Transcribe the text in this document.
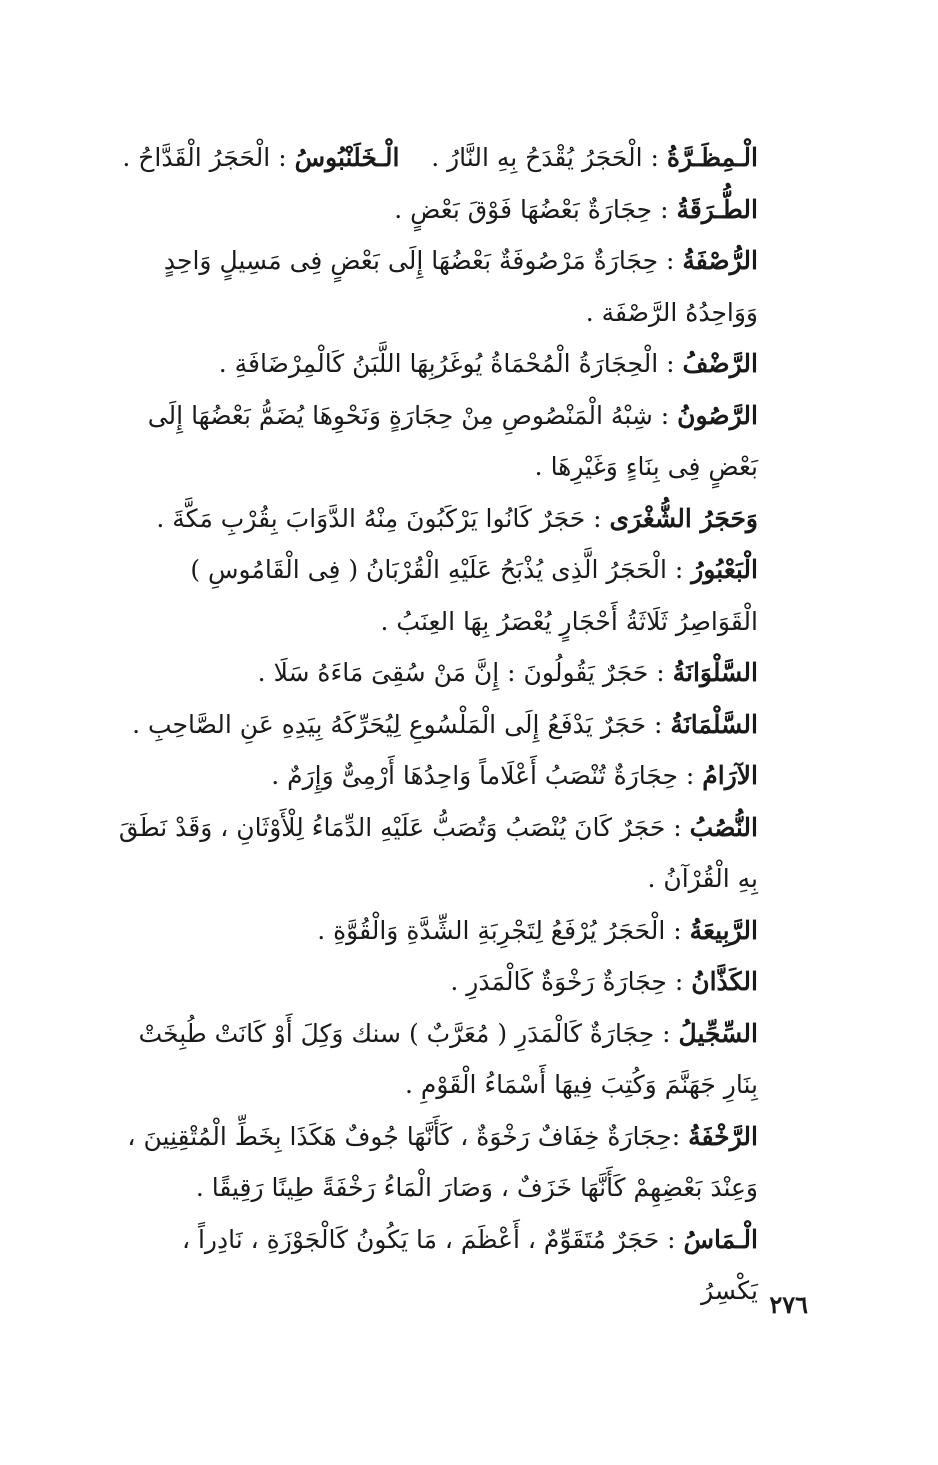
الْـمِظَـرَّةُ : الْحَجَرُ يُقْدَحُ بِهِ النَّارُ .    الْـخَلَنْبُوسُ : الْحَجَرُ الْقَدَّاحُ .

الطُّـرَقَةُ : حِجَارَةٌ بَعْضُهَا فَوْقَ بَعْضٍ .

الرُّصْفَةُ : حِجَارَةٌ مَرْصُوفَةٌ بَعْضُهَا إِلَى بَعْضٍ فِى مَسِيلٍ وَاحِدٍ وَوَاحِدُهُ الرَّصْفَة .

الرَّضْفُ : الْحِجَارَةُ الْمُحْمَاةُ يُوغَرُبِهَا اللَّبَنُ كَالْمِرْضَافَةِ .

الرَّصُونُ : شِبْهُ الْمَنْصُوصِ مِنْ حِجَارَةٍ وَنَحْوِهَا يُضَمُّ بَعْضُهَا إِلَى بَعْضٍ فِى بِنَاءٍ وَغَيْرِهَا .

وَحَجَرُ الشُّغْرَى : حَجَرٌ كَانُوا يَرْكَبُونَ مِنْهُ الدَّوَابَ بِقُرْبِ مَكَّةَ .

الْبَعْبُورُ : الْحَجَرُ الَّذِى يُذْبَحُ عَلَيْهِ الْقُرْبَانُ ( فِى الْقَامُوسِ ) الْقَوَاصِرُ ثَلَاثَةُ أَحْجَارٍ يُعْصَرُ بِهَا العِنَبُ .

السَّلْوَانَةُ : حَجَرٌ يَقُولُونَ : إِنَّ مَنْ سُقِىَ مَاءَهُ سَلَا .

السَّلْمَانَةُ : حَجَرٌ يَدْفَعُ إِلَى الْمَلْسُوعِ لِيُحَرِّكَهُ بِيَدِهِ عَنِ الصَّاحِبِ .

الآرَامُ : حِجَارَةٌ تُنْصَبُ أَعْلَاماً وَاحِدُهَا أَرْمِىٌّ وَإِرَمٌ .

النُّصُبُ : حَجَرٌ كَانَ يُنْصَبُ وَتُصَبُّ عَلَيْهِ الدِّمَاءُ لِلْأَوْثَانِ ، وَقَدْ نَطَقَ بِهِ الْقُرْآنُ .

الرَّبِيعَةُ : الْحَجَرُ يُرْفَعُ لِتَجْرِبَةِ الشِّدَّةِ وَالْقُوَّةِ .

الكَذَّانُ : حِجَارَةٌ رَخْوَةٌ كَالْمَدَرِ .

السِّجِّيلُ : حِجَارَةٌ كَالْمَدَرِ ( مُعَرَّبٌ ) سنك وَكِلَ أَوْ كَانَتْ طُبِخَتْ بِنَارِ جَهَنَّمَ وَكُتِبَ فِيهَا أَسْمَاءُ الْقَوْمِ .

الرَّخْفَةُ :حِجَارَةٌ خِفَافٌ رَخْوَةٌ ، كَأَنَّهَا جُوفٌ هَكَذَا بِخَطِّ الْمُتْقِنِينَ ، وَعِنْدَ بَعْضِهِمْ كَأَنَّهَا خَزَفٌ ، وَصَارَ الْمَاءُ رَخْفَةً طِينًا رَقِيقًا .

الْـمَاسُ : حَجَرٌ مُتَقَوِّمٌ ، أَعْظَمَ ، مَا يَكُونُ كَالْجَوْزَةِ ، نَادِراً ، يَكْسِرُ ٢٧٦
